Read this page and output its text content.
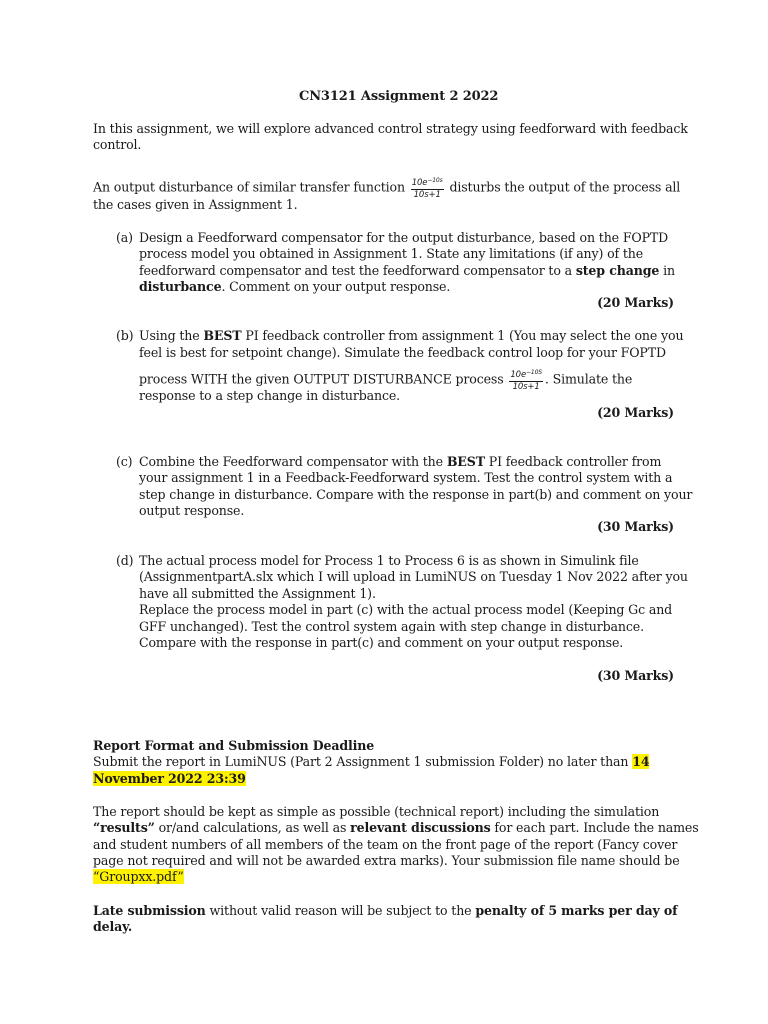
CN3121 Assignment 2 2022
In this assignment, we will explore advanced control strategy using feedforward with feedback
control.
An output disturbance of similar transfer function $\frac{10e^{-10s}}{10s+1}$ disturbs the output of the process all
the cases given in Assignment 1.
(a) Design a Feedforward compensator for the output disturbance, based on the FOPTD
process model you obtained in Assignment 1. State any limitations (if any) of the
feedforward compensator and test the feedforward compensator to a step change in
disturbance. Comment on your output response.
(20 Marks)
(b) Using the BEST PI feedback controller from assignment 1 (You may select the one you
feel is best for setpoint change). Simulate the feedback control loop for your FOPTD
process WITH the given OUTPUT DISTURBANCE process $\frac{10e^{-10S}}{10s+1}$ . Simulate the
response to a step change in disturbance.
(20 Marks)
(c) Combine the Feedforward compensator with the BEST PI feedback controller from
your assignment 1 in a Feedback-Feedforward system. Test the control system with a
step change in disturbance. Compare with the response in part(b) and comment on your
output response.
(30 Marks)
(d) The actual process model for Process 1 to Process 6 is as shown in Simulink file
(AssignmentpartA.slx which I will upload in LumiNUS on Tuesday 1 Nov 2022 after you
have all submitted the Assignment 1).
Replace the process model in part (c) with the actual process model (Keeping Gc and
GFF unchanged). Test the control system again with step change in disturbance.
Compare with the response in part(c) and comment on your output response.
(30 Marks)
Report Format and Submission Deadline
Submit the report in LumiNUS (Part 2 Assignment 1 submission Folder) no later than 14
November 2022 23:39
The report should be kept as simple as possible (technical report) including the simulation
“results” or/and calculations, as well as relevant discussions for each part. Include the names
and student numbers of all members of the team on the front page of the report (Fancy cover
page not required and will not be awarded extra marks). Your submission file name should be
“Groupxx.pdf”
Late submission without valid reason will be subject to the penalty of 5 marks per day of
delay.
